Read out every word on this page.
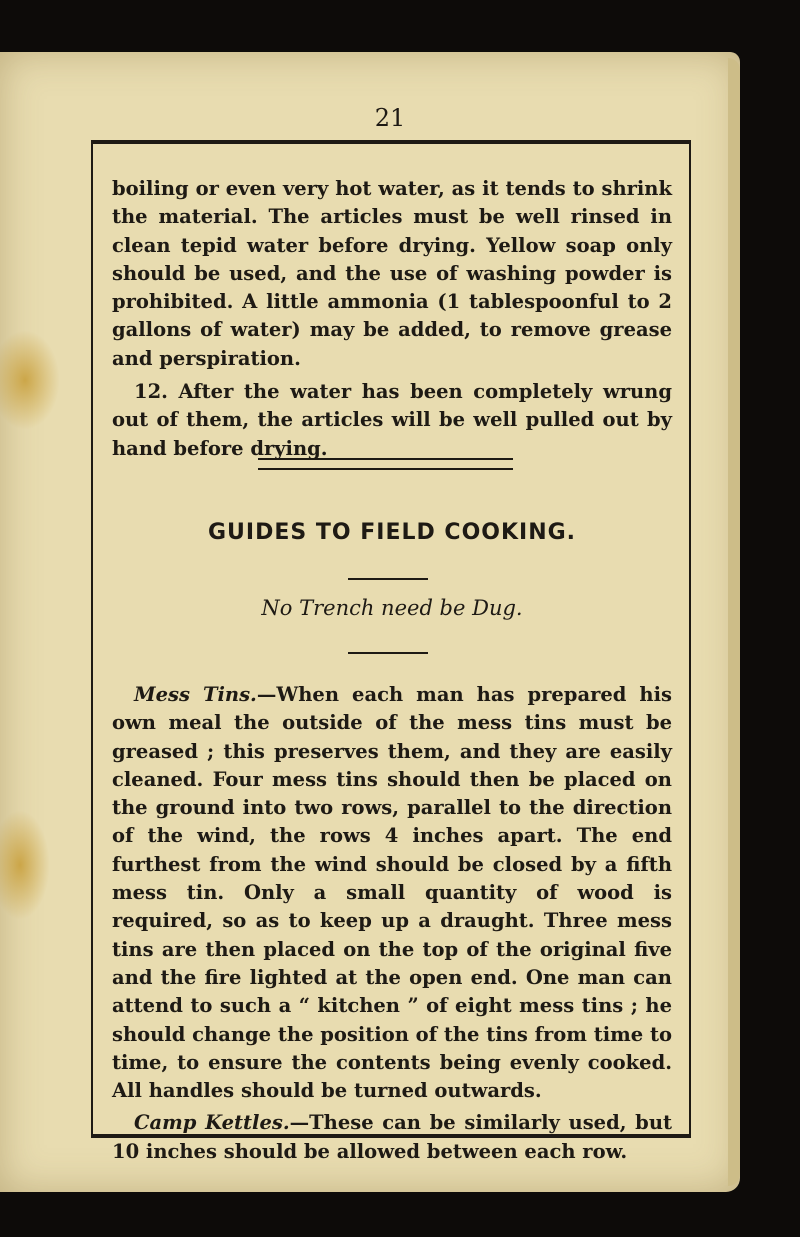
21

boiling or even very hot water, as it tends to shrink the material. The articles must be well rinsed in clean tepid water before drying. Yellow soap only should be used, and the use of washing powder is prohibited. A little ammonia (1 tablespoonful to 2 gallons of water) may be added, to remove grease and perspiration.

12. After the water has been completely wrung out of them, the articles will be well pulled out by hand before drying.

GUIDES TO FIELD COOKING.
No Trench need be Dug.

Mess Tins.—When each man has prepared his own meal the outside of the mess tins must be greased ; this preserves them, and they are easily cleaned. Four mess tins should then be placed on the ground into two rows, parallel to the direction of the wind, the rows 4 inches apart. The end furthest from the wind should be closed by a fifth mess tin. Only a small quantity of wood is required, so as to keep up a draught. Three mess tins are then placed on the top of the original five and the fire lighted at the open end. One man can attend to such a “ kitchen ” of eight mess tins ; he should change the position of the tins from time to time, to ensure the contents being evenly cooked. All handles should be turned outwards.

Camp Kettles.—These can be similarly used, but 10 inches should be allowed between each row.
